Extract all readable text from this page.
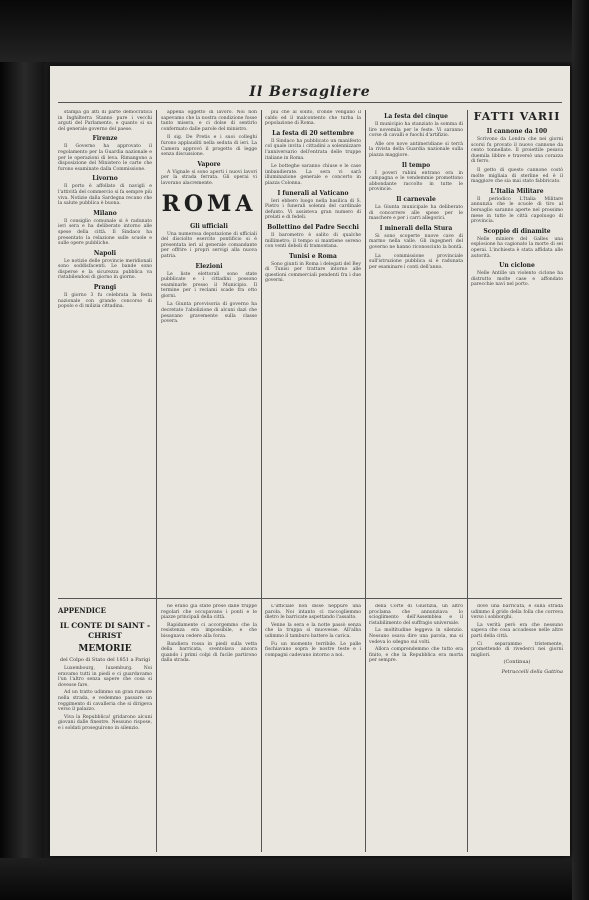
Il Bersagliere

stampa gli atti di parte democratica in Inghilterra Stanno pure i vecchi arguti del Parlamento, e quanto si sa del generale governo del paese.

Firenze

Il Governo ha approvato il regolamento per la Guardia nazionale e per le operazioni di leva. Rimangono a disposizione del Ministero le carte che furono esaminate dalla Commissione.

Livorno

Il porto è affollato di navigli e l'attività del commercio si fa sempre più viva. Notizie dalla Sardegna recano che la salute pubblica è buona.

Milano

Il consiglio comunale si è radunato ieri sera e ha deliberato intorno alle spese della città. Il Sindaco ha presentato la relazione sulle scuole e sulle opere pubbliche.

Napoli

Le notizie delle provincie meridionali sono soddisfacenti. Le bande sono disperse e la sicurezza pubblica va ristabilendosi di giorno in giorno.

Prangi

Il giorno 3 fu celebrata la festa nazionale con grande concorso di popolo e di milizia cittadina.

appena oggetto di lavoro. Noi non sapevamo che la nostra condizione fosse tanto misera, e ci dolse di sentirlo confermato dalle parole del ministro.

Il sig. De Pretis e i suoi colleghi furono applauditi nella seduta di ieri. La Camera approvò il progetto di legge senza discussione.

Vapore

A Vignale si sono aperti i nuovi lavori per la strada ferrata. Gli operai vi lavorano alacremente.

ROMA
Gli ufficiali

Una numerosa deputazione di ufficiali del disciolto esercito pontificio si è presentata ieri al generale comandante per offrire i propri servigi alla nuova patria.

Elezioni

Le liste elettorali sono state pubblicate e i cittadini possono esaminarle presso il Municipio. Il termine per i reclami scade fra otto giorni.

La Giunta provvisoria di governo ha decretato l'abolizione di alcuni dazi che pesavano gravemente sulla classe povera.

più che al solito, d'onde vengano il caldo ed il malcontento che turba la popolazione di Roma.

La festa di 20 settembre

Il Sindaco ha pubblicato un manifesto col quale invita i cittadini a solennizzare l'anniversario dell'entrata delle truppe italiane in Roma.

Le botteghe saranno chiuse e le case imbandierate. La sera vi sarà illuminazione generale e concerto in piazza Colonna.

I funerali al Vaticano

Ieri ebbero luogo nella basilica di S. Pietro i funerali solenni del cardinale defunto. Vi assisteva gran numero di prelati e di fedeli.

Bollettino del Padre Secchi

Il barometro è salito di qualche millimetro; il tempo si mantiene sereno con venti deboli di tramontana.

Tunisi e Roma

Sono giunti in Roma i delegati del Bey di Tunisi per trattare intorno alle questioni commerciali pendenti fra i due governi.

La festa del cinque

Il municipio ha stanziato la somma di lire novemila per le feste. Vi saranno corse di cavalli e fuochi d'artifizio.

Alle ore nove antimeridiane si terrà la rivista della Guardia nazionale sulla piazza maggiore.

Il tempo

I poveri rubini entrano ora in campagna e le vendemmie promettono abbondante raccolto in tutte le provincie.

Il carnevale

La Giunta municipale ha deliberato di concorrere alle spese per le maschere e per i carri allegorici.

I minerali della Stura

Si sono scoperte nuove cave di marmo nella valle. Gli ingegneri del governo ne hanno riconosciuto la bontà.

La commissione provinciale sull'istruzione pubblica si è radunata per esaminare i conti dell'anno.

FATTI VARII
Il cannone da 100

Scrivono da Londra che nei giorni scorsi fu provato il nuovo cannone da cento tonnellate. Il proiettile pesava duemila libbre e traversò una corazza di ferro.

Il getto di questo cannone costò molte migliaia di sterline ed è il maggiore che sia mai stato fabbricato.

L'Italia Militare

Il periodico L'Italia Militare annunzia che le scuole di tiro al bersaglio saranno aperte nel prossimo mese in tutte le città capoluogo di provincia.

Scoppio di dinamite

Nelle miniere del Galles una esplosione ha cagionato la morte di sei operai. L'inchiesta è stata affidata alle autorità.

Un ciclone

Nelle Antille un violento ciclone ha distrutto molte case e affondato parecchie navi nel porto.

APPENDICE
IL CONTE DI SAINT - CHRIST
MEMORIE
del Colpo di Stato del 1851 a Parigi

Luxembourg, luxemburg. Noi eravamo tutti in piedi e ci guardavamo l'un l'altro senza sapere che cosa si dovesse fare.

Ad un tratto udimmo un gran rumore nella strada, e vedemmo passare un reggimento di cavalleria che si dirigeva verso il palazzo.

Viva la Repubblica! gridarono alcuni giovani dalle finestre. Nessuno rispose, e i soldati proseguirono in silenzio.

ne erano già state prese dalle truppe regolari che occupavano i ponti e le piazze principali della città.

Rapidamente ci accorgemmo che la resistenza era impossibile, e che bisognava cedere alla forza.

Bandiera rossa in piedi sulla vetta della barricata, sventolava ancora quando i primi colpi di fucile partirono dalla strada.

L'ufficiale non disse neppure una parola. Noi intanto ci raccogliemmo dietro le barricate aspettando l'assalto.

Venne la sera e la notte passò senza che la truppa si muovesse. All'alba udimmo il tamburo battere la carica.

Fu un momento terribile. Le palle fischiavano sopra le nostre teste e i compagni cadevano intorno a noi.

della Corte di Giustizia, un altro proclama che annunziava lo scioglimento dell'Assemblea e il ristabilimento del suffragio universale.

La moltitudine leggeva in silenzio. Nessuno osava dire una parola, ma si vedeva lo sdegno sui volti.

Allora comprendemmo che tutto era finito, e che la Repubblica era morta per sempre.

dove una barricata, e sulla strada udimmo il grido della folla che correva verso i sobborghi.

La verità però era che nessuno sapeva che cosa accadesse nelle altre parti della città.

Ci separammo tristemente, promettendo di rivederci nei giorni migliori.

(Continua)
Petruccelli della Gattina
